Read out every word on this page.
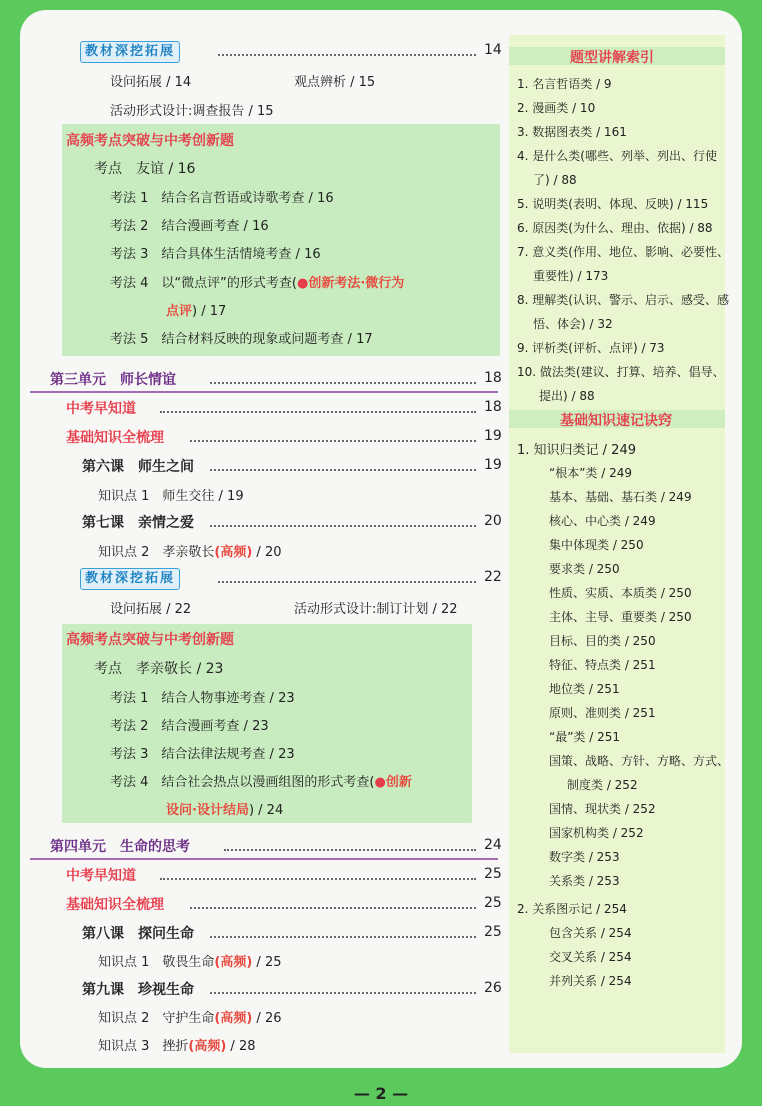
教材深挖拓展	14
设问拓展 / 14	观点辨析 / 15
活动形式设计:调查报告 / 15
高频考点突破与中考创新题
考点　友谊 / 16
考法 1　 结合名言哲语或诗歌考查 / 16
考法 2　 结合漫画考查 / 16
考法 3　 结合具体生活情境考查 / 16
考法 4　 以“微点评”的形式考查(●创新考法·微行为
点评) / 17
考法 5　 结合材料反映的现象或问题考查 / 17
第三单元　师长情谊	18
中考早知道	18
基础知识全梳理	19
第六课　师生之间	19
知识点 1　师生交往 / 19
第七课　亲情之爱	20
知识点 2　孝亲敬长(高频) / 20
教材深挖拓展	22
设问拓展 / 22	活动形式设计:制订计划 / 22
高频考点突破与中考创新题
考点　孝亲敬长 / 23
考法 1　 结合人物事迹考查 / 23
考法 2　 结合漫画考查 / 23
考法 3　 结合法律法规考查 / 23
考法 4　 结合社会热点以漫画组图的形式考查(●创新
设问·设计结局) / 24
第四单元　生命的思考	24
中考早知道	25
基础知识全梳理	25
第八课　探问生命	25
知识点 1　敬畏生命(高频) / 25
第九课　珍视生命	26
知识点 2　守护生命(高频) / 26
知识点 3　挫折(高频) / 28
题型讲解索引
1. 名言哲语类 / 9
2. 漫画类 / 10
3. 数据图表类 / 161
4. 是什么类(哪些、列举、列出、行使
了) / 88
5. 说明类(表明、体现、反映) / 115
6. 原因类(为什么、理由、依据) / 88
7. 意义类(作用、地位、影响、必要性、
重要性) / 173
8. 理解类(认识、警示、启示、感受、感
悟、体会) / 32
9. 评析类(评析、点评) / 73
10. 做法类(建议、打算、培养、倡导、
提出) / 88
基础知识速记诀窍
1. 知识归类记 / 249
“根本”类 / 249
基本、基础、基石类 / 249
核心、中心类 / 249
集中体现类 / 250
要求类 / 250
性质、实质、本质类 / 250
主体、主导、重要类 / 250
目标、目的类 / 250
特征、特点类 / 251
地位类 / 251
原则、准则类 / 251
“最”类 / 251
国策、战略、方针、方略、方式、
制度类 / 252
国情、现状类 / 252
国家机构类 / 252
数字类 / 253
关系类 / 253
2. 关系图示记 / 254
包含关系 / 254
交叉关系 / 254
并列关系 / 254
— 2 —
